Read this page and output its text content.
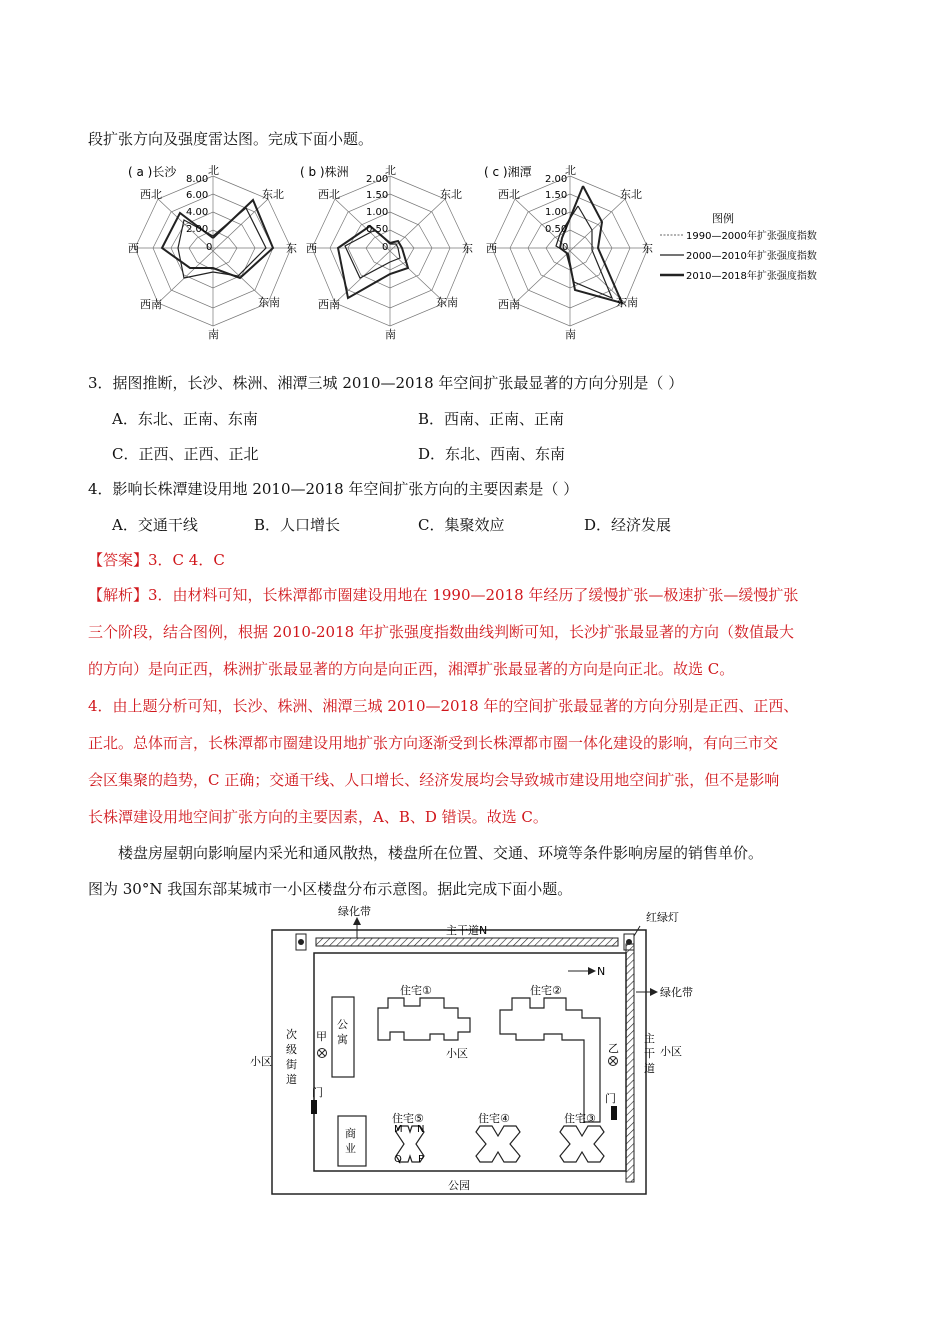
段扩张方向及强度雷达图。完成下面小题。
( a )长沙
8.00
6.00
4.00
2.00
0
北
东北
东
东南
南
西南
西
西北
( b )株洲
2.00
1.50
1.00
0.50
0
北
东北
东
东南
南
西南
西
西北
( c )湘潭
2.00
1.50
1.00
0.50
0
北
东北
东
东南
南
西南
西
西北
图例
1990—2000年扩张强度指数
2000—2010年扩张强度指数
2010—2018年扩张强度指数
3．据图推断，长沙、株洲、湘潭三城 2010—2018 年空间扩张最显著的方向分别是（ ）
A．东北、正南、东南	B．西南、正南、正南
C．正西、正西、正北	D．东北、西南、东南
4．影响长株潭建设用地 2010—2018 年空间扩张方向的主要因素是（ ）
A．交通干线	B．人口增长	C．集聚效应	D．经济发展
【答案】3．C 4．C
【解析】3．由材料可知，长株潭都市圈建设用地在 1990—2018 年经历了缓慢扩张—极速扩张—缓慢扩张
三个阶段，结合图例，根据 2010-2018 年扩张强度指数曲线判断可知，长沙扩张最显著的方向（数值最大
的方向）是向正西，株洲扩张最显著的方向是向正西，湘潭扩张最显著的方向是向正北。故选 C。
4．由上题分析可知，长沙、株洲、湘潭三城 2010—2018 年的空间扩张最显著的方向分别是正西、正西、
正北。总体而言，长株潭都市圈建设用地扩张方向逐渐受到长株潭都市圈一体化建设的影响，有向三市交
会区集聚的趋势，C 正确；交通干线、人口增长、经济发展均会导致城市建设用地空间扩张，但不是影响
长株潭建设用地空间扩张方向的主要因素，A、B、D 错误。故选 C。
楼盘房屋朝向影响屋内采光和通风散热，楼盘所在位置、交通、环境等条件影响房屋的销售单价。
图为 30°N 我国东部某城市一小区楼盘分布示意图。据此完成下面小题。
N
公
寓
商
业
绿化带
主干道N
红绿灯
绿化带
次
级
街
道
小区
主
干
道
小区
小区
甲
乙
门	门
住宅①	住宅②
住宅⑤	住宅④	住宅③
M N
Q P
公园
